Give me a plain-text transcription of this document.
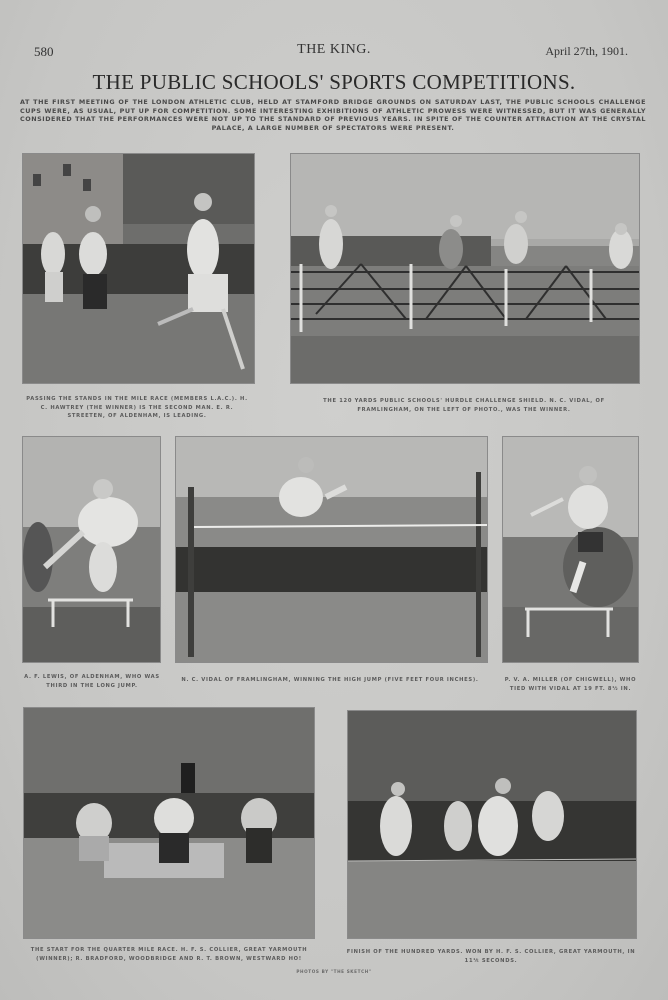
580	THE KING.	April 27th, 1901.
THE PUBLIC SCHOOLS' SPORTS COMPETITIONS.
AT THE FIRST MEETING OF THE LONDON ATHLETIC CLUB, HELD AT STAMFORD BRIDGE GROUNDS ON SATURDAY LAST, THE PUBLIC SCHOOLS CHALLENGE CUPS WERE, AS USUAL, PUT UP FOR COMPETITION. SOME INTERESTING EXHIBITIONS OF ATHLETIC PROWESS WERE WITNESSED, BUT IT WAS GENERALLY CONSIDERED THAT THE PERFORMANCES WERE NOT UP TO THE STANDARD OF PREVIOUS YEARS. IN SPITE OF THE COUNTER ATTRACTION AT THE CRYSTAL PALACE, A LARGE NUMBER OF SPECTATORS WERE PRESENT.
PASSING THE STANDS IN THE MILE RACE (MEMBERS L.A.C.). H. C. HAWTREY (THE WINNER) IS THE SECOND MAN. E. R. STREETEN, OF ALDENHAM, IS LEADING.
THE 120 YARDS PUBLIC SCHOOLS' HURDLE CHALLENGE SHIELD. N. C. VIDAL, OF FRAMLINGHAM, ON THE LEFT OF PHOTO., WAS THE WINNER.
A. F. LEWIS, OF ALDENHAM, WHO WAS THIRD IN THE LONG JUMP.
N. C. VIDAL OF FRAMLINGHAM, WINNING THE HIGH JUMP (FIVE FEET FOUR INCHES).	P. V. A. MILLER (OF CHIGWELL), WHO TIED WITH VIDAL AT 19 FT. 8½ IN.
THE START FOR THE QUARTER MILE RACE. H. F. S. COLLIER, GREAT YARMOUTH (WINNER); R. BRADFORD, WOODBRIDGE AND R. T. BROWN, WESTWARD HO!
FINISH OF THE HUNDRED YARDS. WON BY H. F. S. COLLIER, GREAT YARMOUTH, IN 11⅕ SECONDS.
PHOTOS BY "THE SKETCH"
